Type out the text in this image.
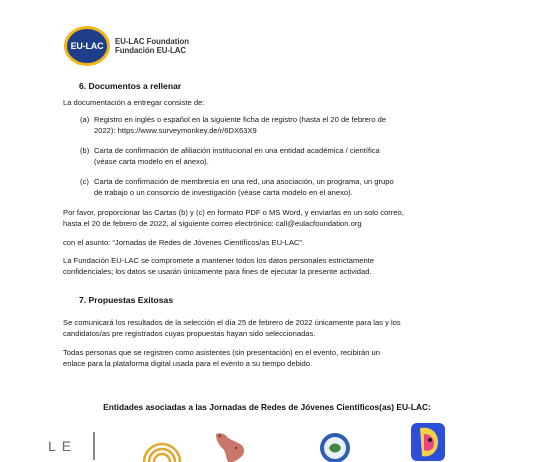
EU-LAC EU-LAC Foundation
Fundación EU-LAC
6. Documentos a rellenar

La documentación a entregar consiste de:

(a) Registro en inglés o español en la siguiente ficha de registro (hasta el 20 de febrero de
2022): https://www.surveymonkey.de/r/6DX63X9
(b) Carta de confirmación de afiliación institucional en una entidad académica / científica
(véase carta modelo en el anexo).
(c) Carta de confirmación de membresía en una red, una asociación, un programa, un grupo
de trabajo o un consorcio de investigación (véase carta modelo en el anexo).

Por favor, proporcionar las Cartas (b) y (c) en formato PDF o MS Word, y enviarlas en un solo correo,

hasta el 20 de febrero de 2022, al siguiente correo electrónico: call@eulacfoundation.org

con el asunto: “Jornadas de Redes de Jóvenes Científicos/as EU-LAC”.

La Fundación EU-LAC se compromete a mantener todos los datos personales estrictamente

confidenciales; los datos se usarán únicamente para fines de ejecutar la presente actividad.

7. Propuestas Exitosas

Se comunicará los resultados de la selección el día 25 de febrero de 2022 únicamente para las y los

candidatos/as pre registrados cuyas propuestas hayan sido seleccionadas.

Todas personas que se registren como asistentes (sin presentación) en el evento, recibirán un

enlace para la plataforma digital usada para el evento a su tiempo debido.

Entidades asociadas a las Jornadas de Redes de Jóvenes Científicos(as) EU-LAC:
LE
